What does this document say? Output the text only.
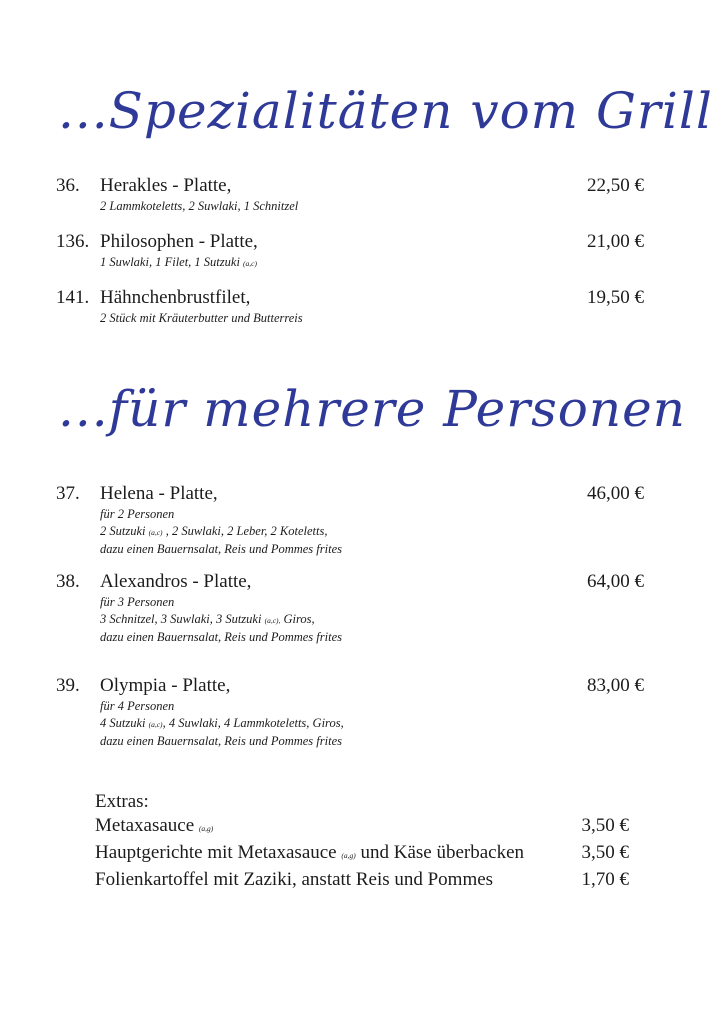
...Spezialitäten vom Grill
36.	Herakles - Platte,	22,50 €
2 Lammkoteletts, 2 Suwlaki, 1 Schnitzel
136. Philosophen - Platte,	21,00 €
1 Suwlaki, 1 Filet, 1 Sutzuki (a,c)
141. Hähnchenbrustfilet,	19,50 €
2 Stück mit Kräuterbutter und Butterreis
...für mehrere Personen
37.	Helena - Platte,	46,00 €
für 2 Personen
2 Sutzuki (a,c) , 2 Suwlaki, 2 Leber, 2 Koteletts,
dazu einen Bauernsalat, Reis und Pommes frites
38.	Alexandros - Platte,	64,00 €
für 3 Personen
3 Schnitzel, 3 Suwlaki, 3 Sutzuki (a,c), Giros,
dazu einen Bauernsalat, Reis und Pommes frites
39.	Olympia - Platte,	83,00 €
für 4 Personen
4 Sutzuki (a,c), 4 Suwlaki, 4 Lammkoteletts, Giros,
dazu einen Bauernsalat, Reis und Pommes frites
Extras:
Metaxasauce (a,g)	3,50 €
Hauptgerichte mit Metaxasauce (a,g) und Käse überbacken	3,50 €
Folienkartoffel mit Zaziki, anstatt Reis und Pommes	1,70 €
